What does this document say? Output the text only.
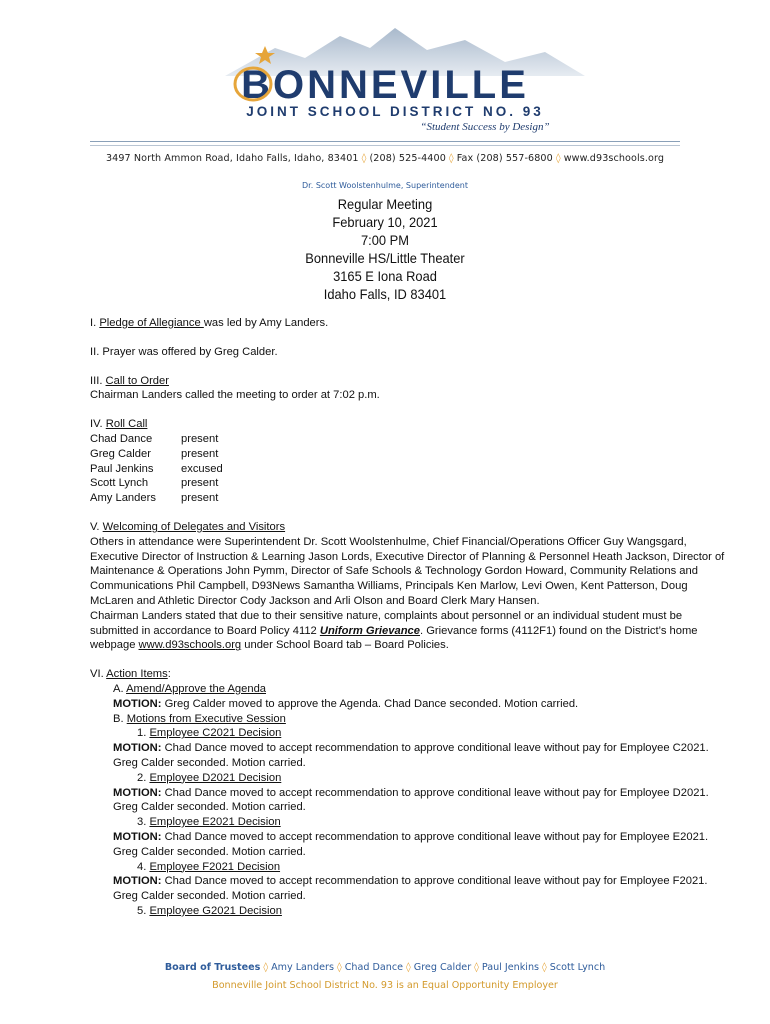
BONNEVILLE
JOINT SCHOOL DISTRICT NO. 93
“Student Success by Design”
3497 North Ammon Road, Idaho Falls, Idaho, 83401 ◊ (208) 525-4400 ◊ Fax (208) 557-6800 ◊ www.d93schools.org
Dr. Scott Woolstenhulme, Superintendent
Regular Meeting
February 10, 2021
7:00 PM
Bonneville HS/Little Theater
3165 E Iona Road
Idaho Falls, ID 83401
I. Pledge of Allegiance was led by Amy Landers.
II. Prayer was offered by Greg Calder.
III. Call to Order
Chairman Landers called the meeting to order at 7:02 p.m.
IV. Roll Call
Chad Dance	present
Greg Calder	present
Paul Jenkins	excused
Scott Lynch	present
Amy Landers	present
V. Welcoming of Delegates and Visitors
Others in attendance were Superintendent Dr. Scott Woolstenhulme, Chief Financial/Operations Officer Guy Wangsgard,
Executive Director of Instruction & Learning Jason Lords, Executive Director of Planning & Personnel Heath Jackson, Director of
Maintenance & Operations John Pymm, Director of Safe Schools & Technology Gordon Howard, Community Relations and
Communications Phil Campbell, D93News Samantha Williams, Principals Ken Marlow, Levi Owen, Kent Patterson, Doug
McLaren and Athletic Director Cody Jackson and Arli Olson and Board Clerk Mary Hansen.
Chairman Landers stated that due to their sensitive nature, complaints about personnel or an individual student must be
submitted in accordance to Board Policy 4112 Uniform Grievance. Grievance forms (4112F1) found on the District’s home
webpage www.d93schools.org under School Board tab – Board Policies.
VI. Action Items:
A. Amend/Approve the Agenda
MOTION: Greg Calder moved to approve the Agenda. Chad Dance seconded. Motion carried.
B. Motions from Executive Session
1. Employee C2021 Decision
MOTION: Chad Dance moved to accept recommendation to approve conditional leave without pay for Employee C2021.
Greg Calder seconded. Motion carried.
2. Employee D2021 Decision
MOTION: Chad Dance moved to accept recommendation to approve conditional leave without pay for Employee D2021.
Greg Calder seconded. Motion carried.
3. Employee E2021 Decision
MOTION: Chad Dance moved to accept recommendation to approve conditional leave without pay for Employee E2021.
Greg Calder seconded. Motion carried.
4. Employee F2021 Decision
MOTION: Chad Dance moved to accept recommendation to approve conditional leave without pay for Employee F2021.
Greg Calder seconded. Motion carried.
5. Employee G2021 Decision
Board of Trustees ◊ Amy Landers ◊ Chad Dance ◊ Greg Calder ◊ Paul Jenkins ◊ Scott Lynch
Bonneville Joint School District No. 93 is an Equal Opportunity Employer
